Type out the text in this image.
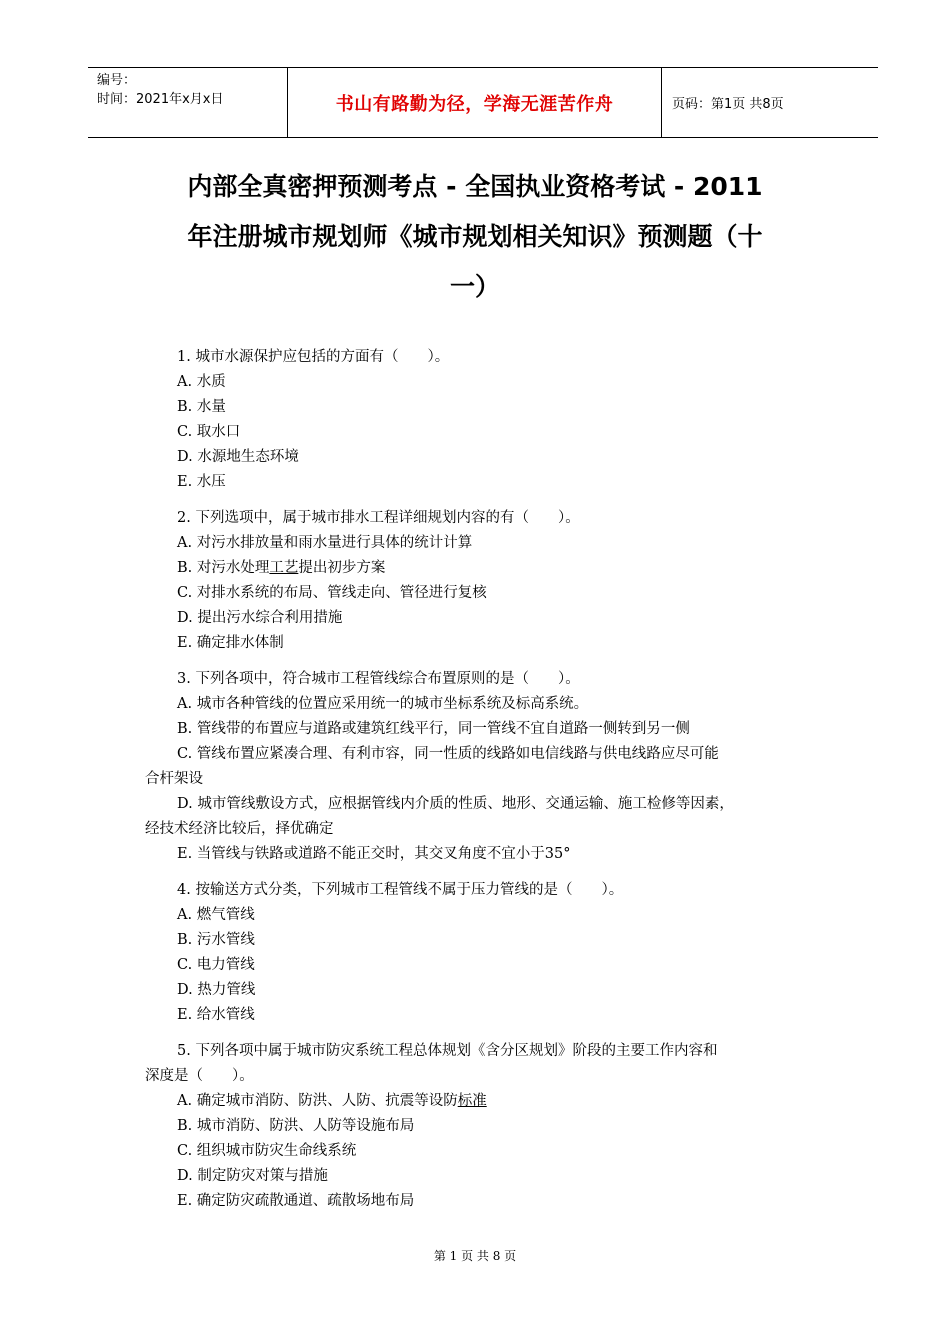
编号：
时间：2021年x月x日	书山有路勤为径，学海无涯苦作舟	页码：第1页 共8页
内部全真密押预测考点 - 全国执业资格考试 - 2011
年注册城市规划师《城市规划相关知识》预测题（十
一）
1. 城市水源保护应包括的方面有（　　）。
A. 水质
B. 水量
C. 取水口
D. 水源地生态环境
E. 水压
2. 下列选项中，属于城市排水工程详细规划内容的有（　　）。
A. 对污水排放量和雨水量进行具体的统计计算
B. 对污水处理工艺提出初步方案
C. 对排水系统的布局、管线走向、管径进行复核
D. 提出污水综合利用措施
E. 确定排水体制
3. 下列各项中，符合城市工程管线综合布置原则的是（　　）。
A. 城市各种管线的位置应采用统一的城市坐标系统及标高系统。
B. 管线带的布置应与道路或建筑红线平行，同一管线不宜自道路一侧转到另一侧
C. 管线布置应紧凑合理、有利市容，同一性质的线路如电信线路与供电线路应尽可能
合杆架设
D. 城市管线敷设方式，应根据管线内介质的性质、地形、交通运输、施工检修等因素，
经技术经济比较后，择优确定
E. 当管线与铁路或道路不能正交时，其交叉角度不宜小于35°
4. 按输送方式分类，下列城市工程管线不属于压力管线的是（　　）。
A. 燃气管线
B. 污水管线
C. 电力管线
D. 热力管线
E. 给水管线
5. 下列各项中属于城市防灾系统工程总体规划《含分区规划》阶段的主要工作内容和
深度是（　　）。
A. 确定城市消防、防洪、人防、抗震等设防标准
B. 城市消防、防洪、人防等设施布局
C. 组织城市防灾生命线系统
D. 制定防灾对策与措施
E. 确定防灾疏散通道、疏散场地布局
第 1 页 共 8 页
